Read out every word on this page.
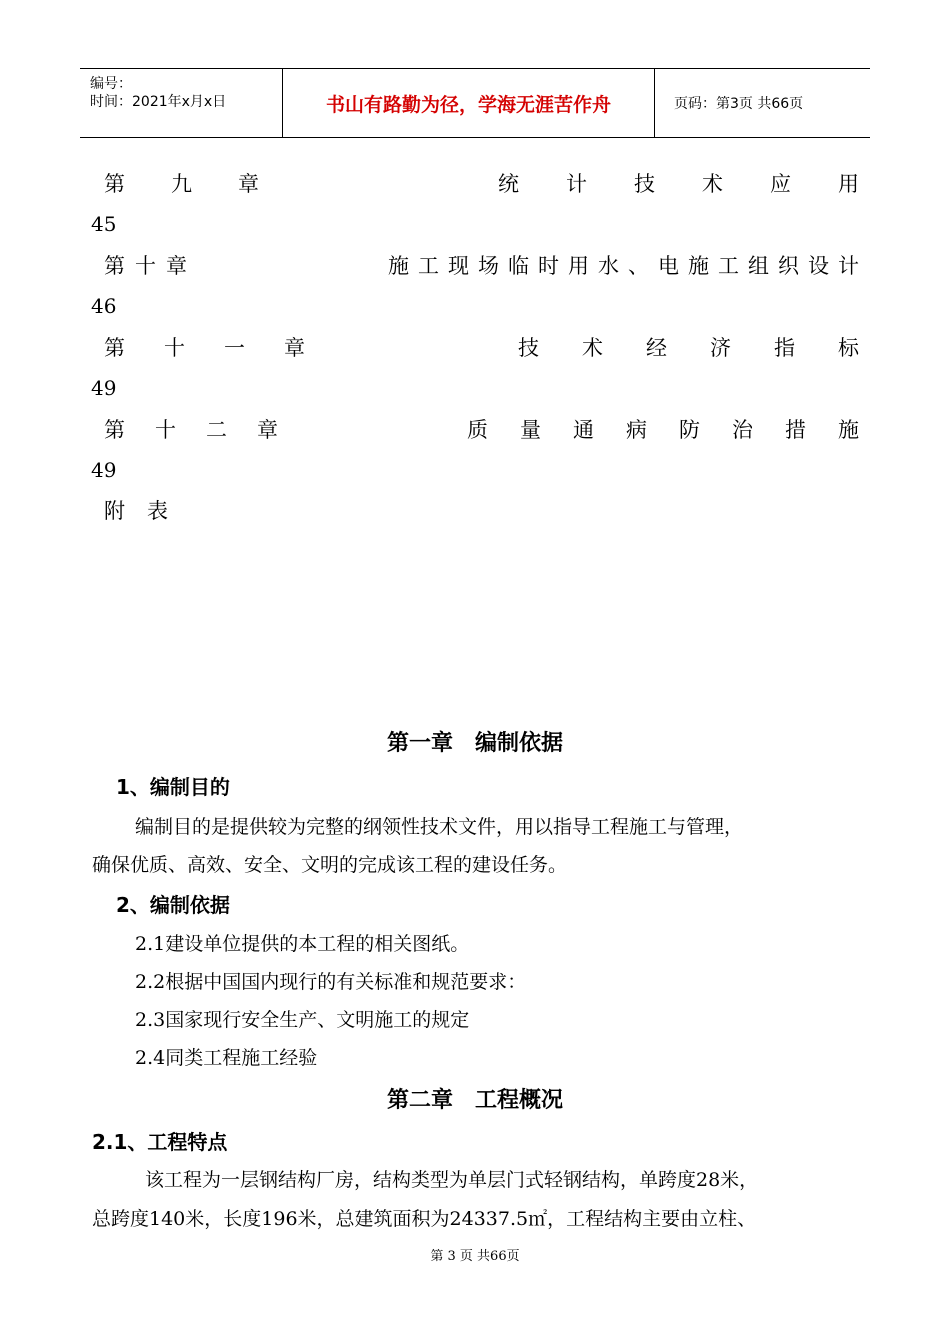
编号：
时间：2021年x月x日	书山有路勤为径，学海无涯苦作舟	页码：第3页 共66页
第九章	统计技术应用
45
第十章	施工现场临时用水、电施工组织设计
46
第十一章	技术经济指标
49
第十二章	质量通病防治措施
49
附表
第一章　编制依据
1、编制目的
编制目的是提供较为完整的纲领性技术文件，用以指导工程施工与管理，
确保优质、高效、安全、文明的完成该工程的建设任务。
2、编制依据
2.1建设单位提供的本工程的相关图纸。
2.2根据中国国内现行的有关标准和规范要求：
2.3国家现行安全生产、文明施工的规定
2.4同类工程施工经验
第二章　工程概况
2.1、工程特点
该工程为一层钢结构厂房，结构类型为单层门式轻钢结构，单跨度28米，
总跨度140米，长度196米，总建筑面积为24337.5㎡，工程结构主要由立柱、
第 3 页 共66页
